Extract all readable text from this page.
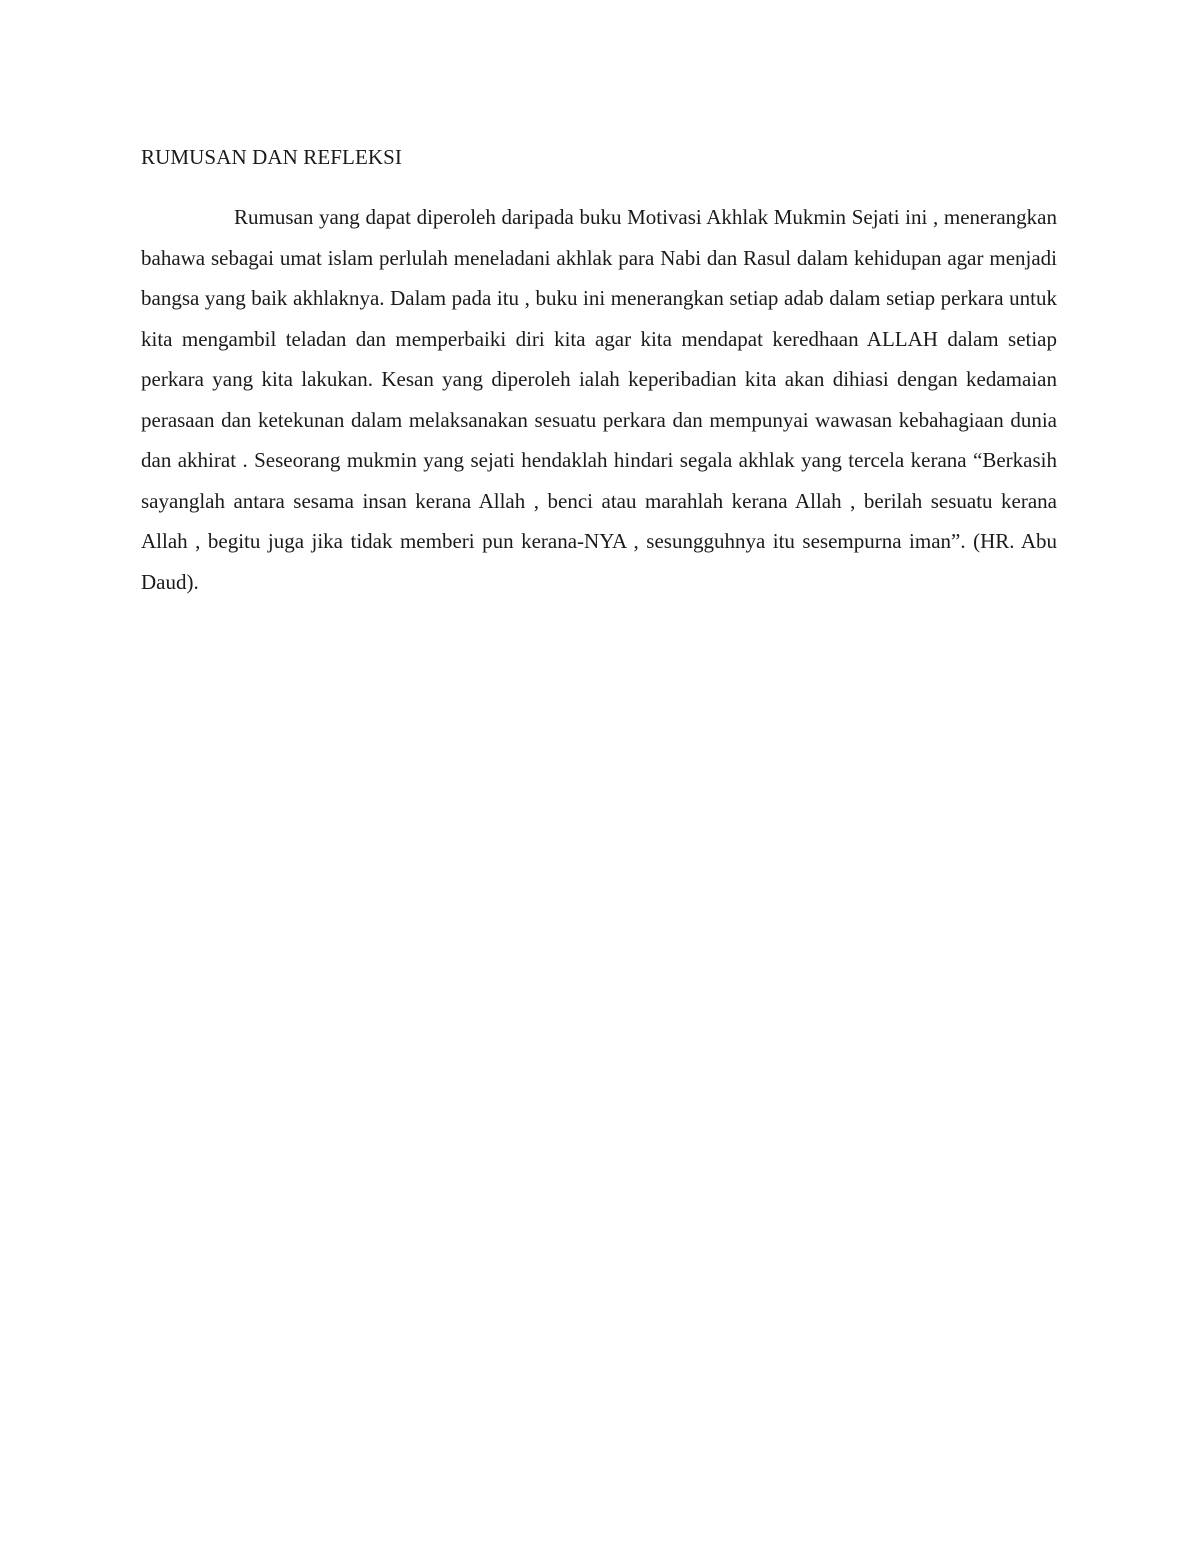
RUMUSAN DAN REFLEKSI

Rumusan yang dapat diperoleh daripada buku Motivasi Akhlak Mukmin Sejati ini , menerangkan bahawa sebagai umat islam perlulah meneladani akhlak para Nabi dan Rasul dalam kehidupan agar menjadi bangsa yang baik akhlaknya. Dalam pada itu , buku ini menerangkan setiap adab dalam setiap perkara untuk kita mengambil teladan dan memperbaiki diri kita agar kita mendapat keredhaan ALLAH dalam setiap perkara yang kita lakukan. Kesan yang diperoleh ialah keperibadian kita akan dihiasi dengan kedamaian perasaan dan ketekunan dalam melaksanakan sesuatu perkara dan mempunyai wawasan kebahagiaan dunia dan akhirat . Seseorang mukmin yang sejati hendaklah hindari segala akhlak yang tercela kerana “Berkasih sayanglah antara sesama insan kerana Allah , benci atau marahlah kerana Allah , berilah sesuatu kerana Allah , begitu juga jika tidak memberi pun kerana-NYA , sesungguhnya itu sesempurna iman”. (HR. Abu Daud).
